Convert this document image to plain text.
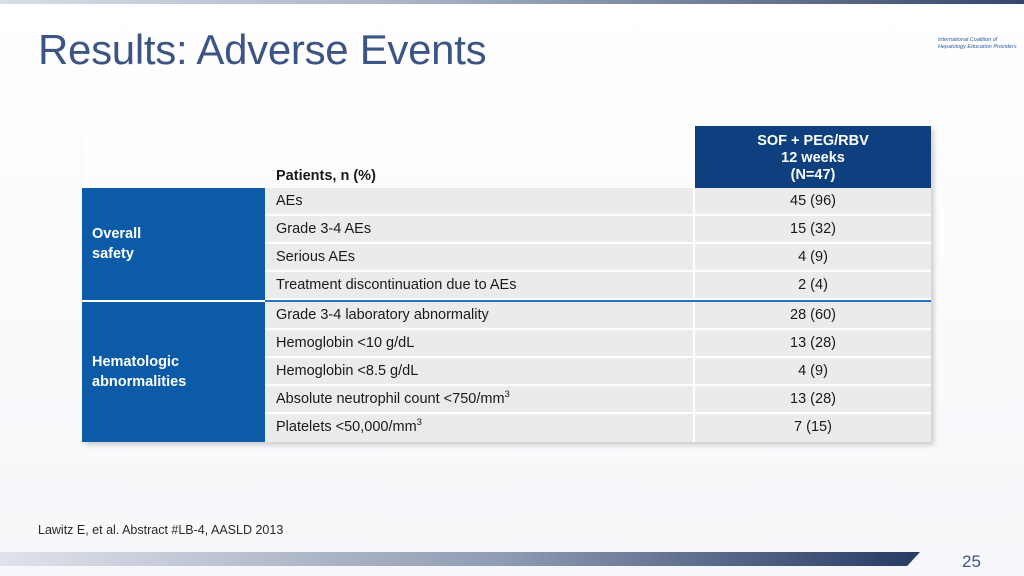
Results: Adverse Events	International Coalition of Hepatology Education Providers
Patients, n (%)
SOF + PEG/RBV
12 weeks
(N=47)
Overall
safety
AEs	45 (96)
Grade 3-4 AEs	15 (32)
Serious AEs	4 (9)
Treatment discontinuation due to AEs	2 (4)
Hematologic
abnormalities
Grade 3-4 laboratory abnormality	28 (60)
Hemoglobin <10 g/dL	13 (28)
Hemoglobin <8.5 g/dL	4 (9)
Absolute neutrophil count $<750/mm^3$	13 (28)
Platelets $<50,000/mm^3$	7 (15)
Lawitz E, et al. Abstract #LB-4, AASLD 2013
25
